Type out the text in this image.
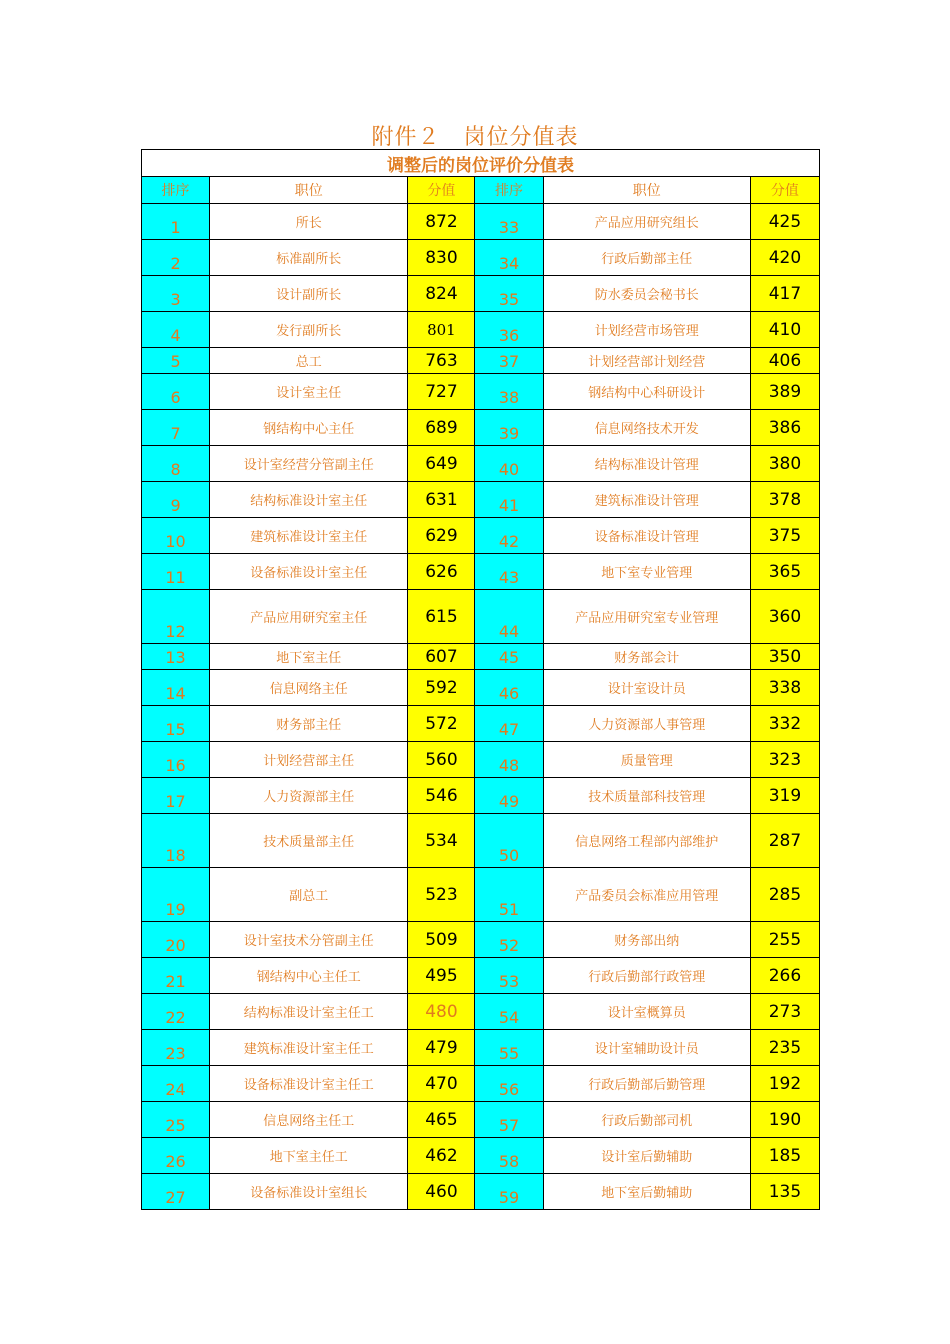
附件２　岗位分值表
调整后的岗位评价分值表					
排序	职位	分值	排序	职位	分值
1	所长	872	33	产品应用研究组长	425
2	标准副所长	830	34	行政后勤部主任	420
3	设计副所长	824	35	防水委员会秘书长	417
4	发行副所长	801	36	计划经营市场管理	410
5	总工	763	37	计划经营部计划经营	406
6	设计室主任	727	38	钢结构中心科研设计	389
7	钢结构中心主任	689	39	信息网络技术开发	386
8	设计室经营分管副主任	649	40	结构标准设计管理	380
9	结构标准设计室主任	631	41	建筑标准设计管理	378
10	建筑标准设计室主任	629	42	设备标准设计管理	375
11	设备标准设计室主任	626	43	地下室专业管理	365
12	产品应用研究室主任	615	44	产品应用研究室专业管理	360
13	地下室主任	607	45	财务部会计	350
14	信息网络主任	592	46	设计室设计员	338
15	财务部主任	572	47	人力资源部人事管理	332
16	计划经营部主任	560	48	质量管理	323
17	人力资源部主任	546	49	技术质量部科技管理	319
18	技术质量部主任	534	50	信息网络工程部内部维护	287
19	副总工	523	51	产品委员会标准应用管理	285
20	设计室技术分管副主任	509	52	财务部出纳	255
21	钢结构中心主任工	495	53	行政后勤部行政管理	266
22	结构标准设计室主任工	480	54	设计室概算员	273
23	建筑标准设计室主任工	479	55	设计室辅助设计员	235
24	设备标准设计室主任工	470	56	行政后勤部后勤管理	192
25	信息网络主任工	465	57	行政后勤部司机	190
26	地下室主任工	462	58	设计室后勤辅助	185
27	设备标准设计室组长	460	59	地下室后勤辅助	135
